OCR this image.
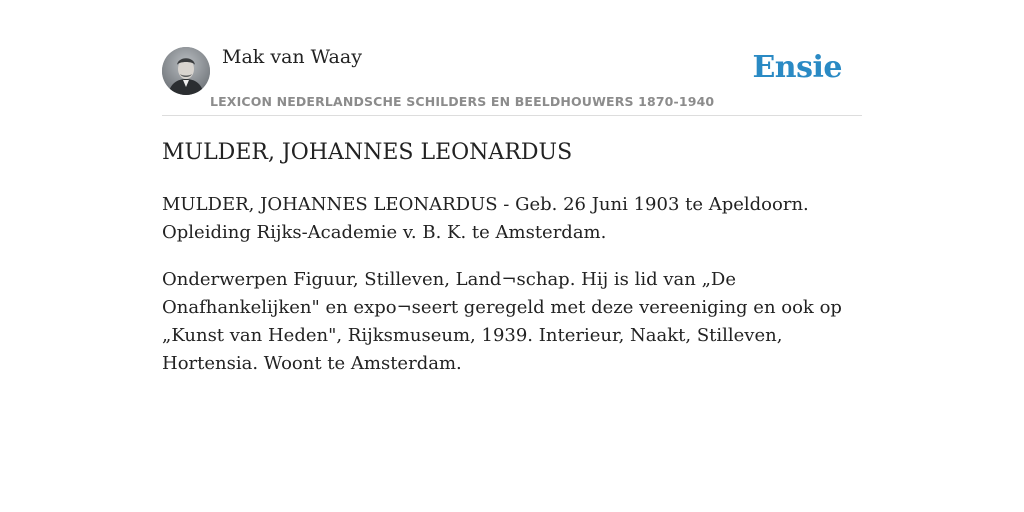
Mak van Waay
LEXICON NEDERLANDSCHE SCHILDERS EN BEELDHOUWERS 1870-1940
Ensie
MULDER, JOHANNES LEONARDUS

MULDER, JOHANNES LEONARDUS - Geb. 26 Juni 1903 te Apeldoorn. Opleiding Rijks-Academie v. B. K. te Amsterdam.

Onderwerpen Figuur, Stilleven, Land¬schap. Hij is lid van „De Onafhankelijken" en expo¬seert geregeld met deze vereeniging en ook op „Kunst van Heden", Rijksmuseum, 1939. Interieur, Naakt, Stilleven, Hortensia. Woont te Amsterdam.
